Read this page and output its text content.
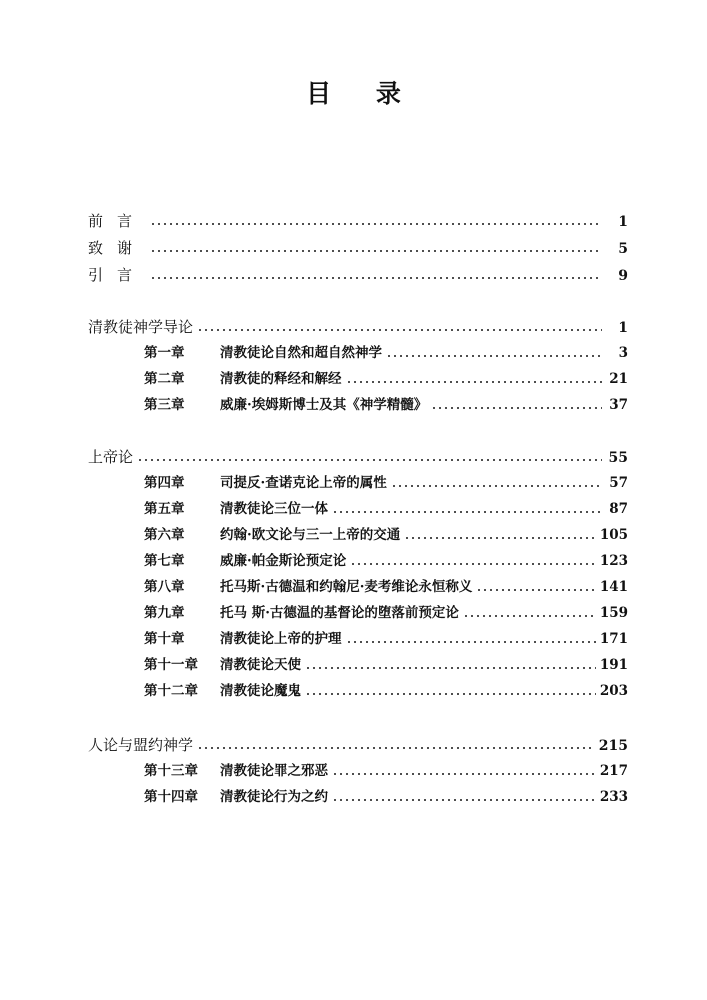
目 录
前言	1
致谢	5
引言	9
清教徒神学导论	1
第一章	清教徒论自然和超自然神学	3
第二章	清教徒的释经和解经	21
第三章	威廉·埃姆斯博士及其《神学精髓》	37
上帝论	55
第四章	司提反·查诺克论上帝的属性	57
第五章	清教徒论三位一体	87
第六章	约翰·欧文论与三一上帝的交通	105
第七章	威廉·帕金斯论预定论	123
第八章	托马斯·古德温和约翰尼·麦考维论永恒称义	141
第九章	托马 斯·古德温的基督论的堕落前预定论	159
第十章	清教徒论上帝的护理	171
第十一章	清教徒论天使	191
第十二章	清教徒论魔鬼	203
人论与盟约神学	215
第十三章	清教徒论罪之邪恶	217
第十四章	清教徒论行为之约	233
